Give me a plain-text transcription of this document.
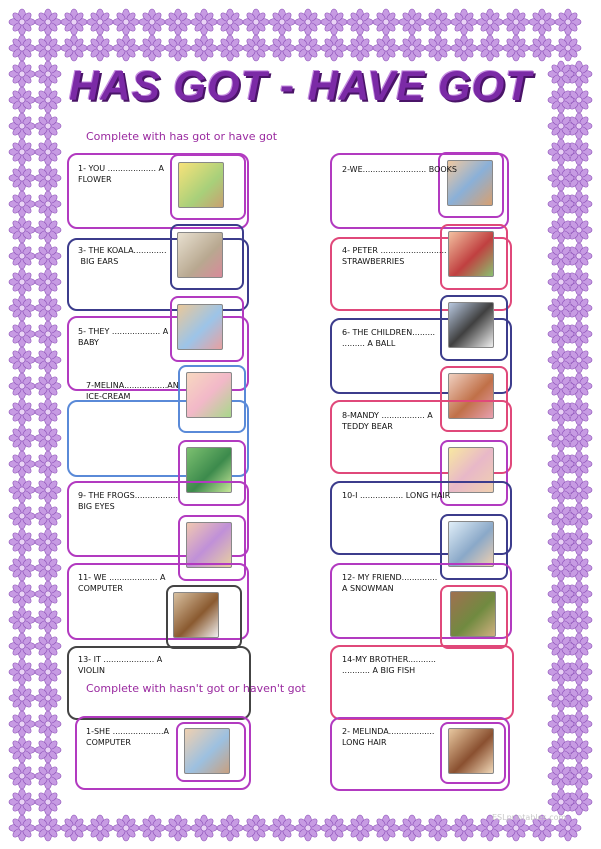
HAS GOT - HAVE GOT
Complete with has got or have got
1- YOU ................... A
FLOWER
3- THE KOALA.............
BIG EARS
5- THEY ................... A
BABY
7-MELINA.................AN
ICE-CREAM
9- THE FROGS.................
BIG EYES
11- WE ................... A
COMPUTER
13- IT .................... A
VIOLIN
Complete with hasn't got or haven't got
1-SHE ....................A
COMPUTER
2-WE......................... BOOKS
4- PETER ..........................
STRAWBERRIES
6- THE CHILDREN.........
......... A BALL
8-MANDY ................. A
TEDDY BEAR
10-I ................. LONG HAIR
12- MY FRIEND..............
A SNOWMAN
14-MY BROTHER...........
........... A BIG FISH
2- MELINDA..................
LONG HAIR
ESLprintables.com
